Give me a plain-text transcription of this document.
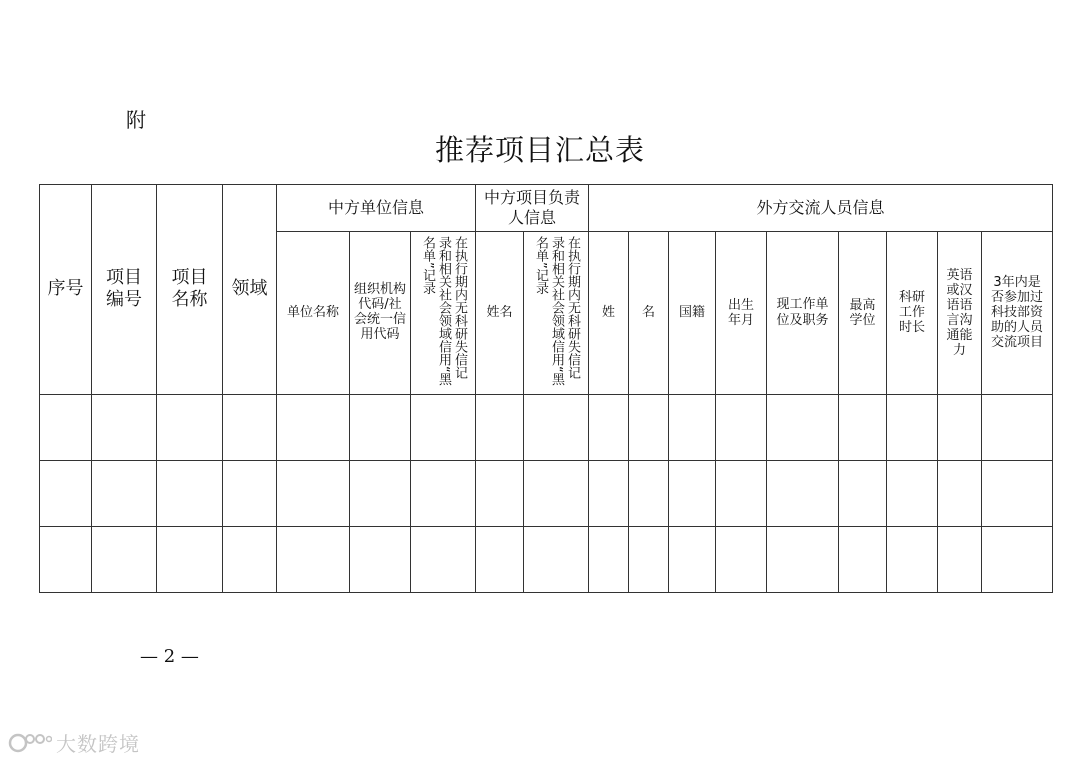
附
推荐项目汇总表
序号	项目编号	项目名称	领域	中方单位信息			中方项目负责人信息		外方交流人员信息								
				单位名称	组织机构代码/社会统一信用代码	在执行期内无科研失信记录和相关社会领域信用“黑名单”记录	姓名	在执行期内无科研失信记录和相关社会领域信用“黑名单”记录	姓	名	国籍	出生年月	现工作单位及职务	最高学位	科研工作时长	英语或汉语语言沟通能力	3年内是否参加过科技部资助的人员交流项目

— 2 —
大数跨境
